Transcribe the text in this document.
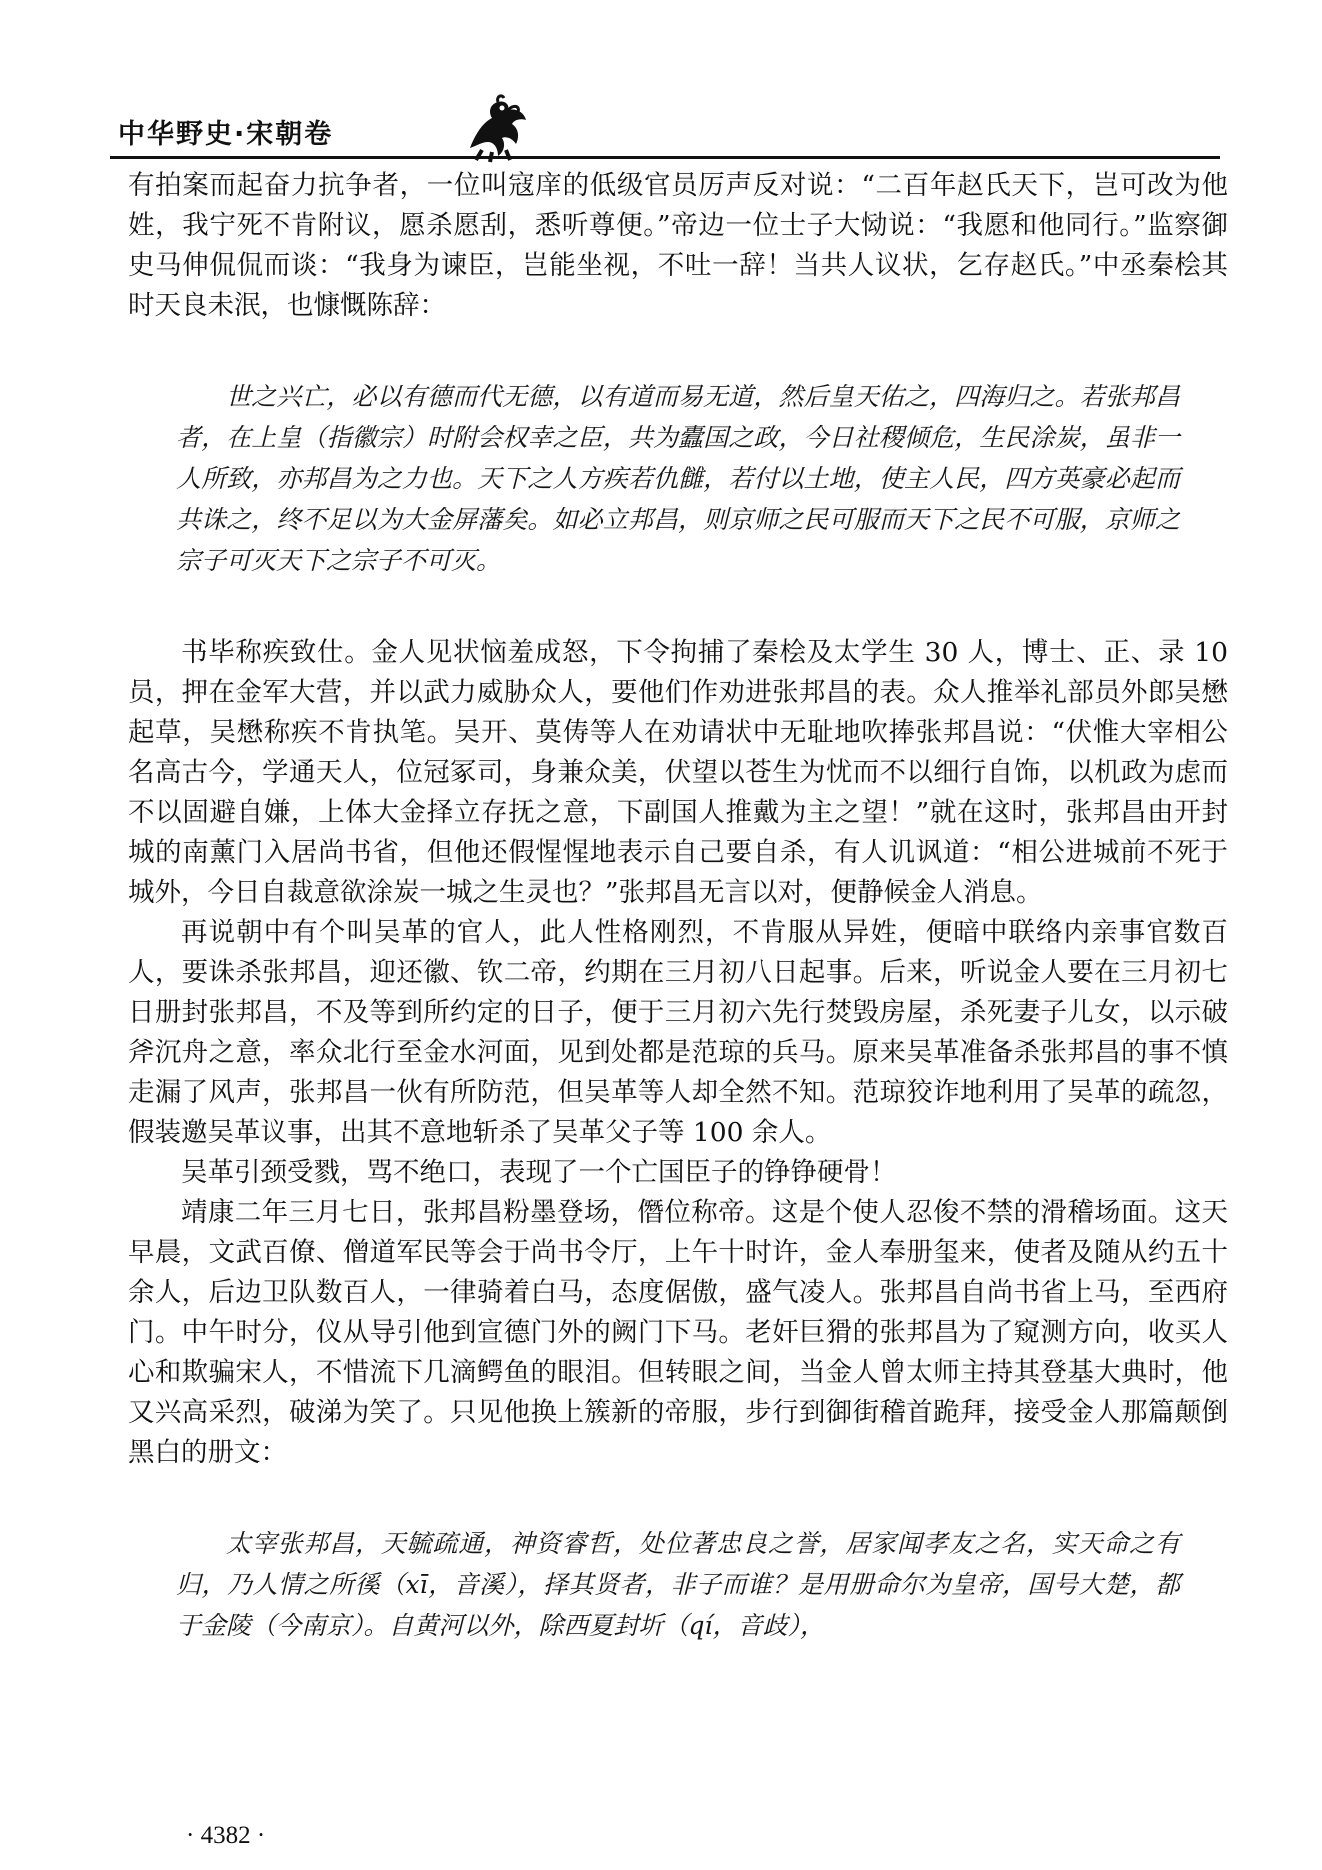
中华野史·宋朝卷

有拍案而起奋力抗争者，一位叫寇庠的低级官员厉声反对说：“二百年赵氏天下，岂可改为他姓，我宁死不肯附议，愿杀愿刮，悉听尊便。”帝边一位士子大恸说：“我愿和他同行。”监察御史马伸侃侃而谈：“我身为谏臣，岂能坐视，不吐一辞！当共人议状，乞存赵氏。”中丞秦桧其时天良未泯，也慷慨陈辞：

世之兴亡，必以有德而代无德，以有道而易无道，然后皇天佑之，四海归之。若张邦昌者，在上皇（指徽宗）时附会权幸之臣，共为蠹国之政，今日社稷倾危，生民涂炭，虽非一人所致，亦邦昌为之力也。天下之人方疾若仇雠，若付以土地，使主人民，四方英豪必起而共诛之，终不足以为大金屏藩矣。如必立邦昌，则京师之民可服而天下之民不可服，京师之宗子可灭天下之宗子不可灭。

书毕称疾致仕。金人见状恼羞成怒，下令拘捕了秦桧及太学生 30 人，博士、正、录 10 员，押在金军大营，并以武力威胁众人，要他们作劝进张邦昌的表。众人推举礼部员外郎吴懋起草，吴懋称疾不肯执笔。吴开、莫俦等人在劝请状中无耻地吹捧张邦昌说：“伏惟大宰相公名高古今，学通天人，位冠冢司，身兼众美，伏望以苍生为忧而不以细行自饰，以机政为虑而不以固避自嫌，上体大金择立存抚之意，下副国人推戴为主之望！”就在这时，张邦昌由开封城的南薰门入居尚书省，但他还假惺惺地表示自己要自杀，有人讥讽道：“相公进城前不死于城外，今日自裁意欲涂炭一城之生灵也？”张邦昌无言以对，便静候金人消息。

再说朝中有个叫吴革的官人，此人性格刚烈，不肯服从异姓，便暗中联络内亲事官数百人，要诛杀张邦昌，迎还徽、钦二帝，约期在三月初八日起事。后来，听说金人要在三月初七日册封张邦昌，不及等到所约定的日子，便于三月初六先行焚毁房屋，杀死妻子儿女，以示破斧沉舟之意，率众北行至金水河面，见到处都是范琼的兵马。原来吴革准备杀张邦昌的事不慎走漏了风声，张邦昌一伙有所防范，但吴革等人却全然不知。范琼狡诈地利用了吴革的疏忽，假装邀吴革议事，出其不意地斩杀了吴革父子等 100 余人。

吴革引颈受戮，骂不绝口，表现了一个亡国臣子的铮铮硬骨！

靖康二年三月七日，张邦昌粉墨登场，僭位称帝。这是个使人忍俊不禁的滑稽场面。这天早晨，文武百僚、僧道军民等会于尚书令厅，上午十时许，金人奉册玺来，使者及随从约五十余人，后边卫队数百人，一律骑着白马，态度倨傲，盛气凌人。张邦昌自尚书省上马，至西府门。中午时分，仪从导引他到宣德门外的阙门下马。老奸巨猾的张邦昌为了窥测方向，收买人心和欺骗宋人，不惜流下几滴鳄鱼的眼泪。但转眼之间，当金人曾太师主持其登基大典时，他又兴高采烈，破涕为笑了。只见他换上簇新的帝服，步行到御街稽首跪拜，接受金人那篇颠倒黑白的册文：

太宰张邦昌，天毓疏通，神资睿哲，处位著忠良之誉，居家闻孝友之名，实天命之有归，乃人情之所徯（xī，音溪），择其贤者，非子而谁？是用册命尔为皇帝，国号大楚，都于金陵（今南京）。自黄河以外，除西夏封圻（qí，音歧），

· 4382 ·
